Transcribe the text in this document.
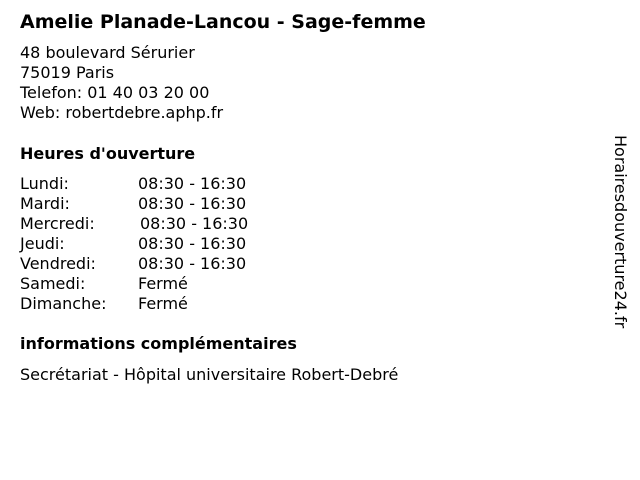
Amelie Planade-Lancou - Sage-femme
48 boulevard Sérurier
75019 Paris
Telefon: 01 40 03 20 00
Web: robertdebre.aphp.fr
Heures d'ouverture
Lundi:	08:30 - 16:30
Mardi:	08:30 - 16:30
Mercredi:	08:30 - 16:30
Jeudi:	08:30 - 16:30
Vendredi:	08:30 - 16:30
Samedi:	Fermé
Dimanche: Fermé
informations complémentaires
Secrétariat - Hôpital universitaire Robert-Debré
Horairesdouverture24.fr
